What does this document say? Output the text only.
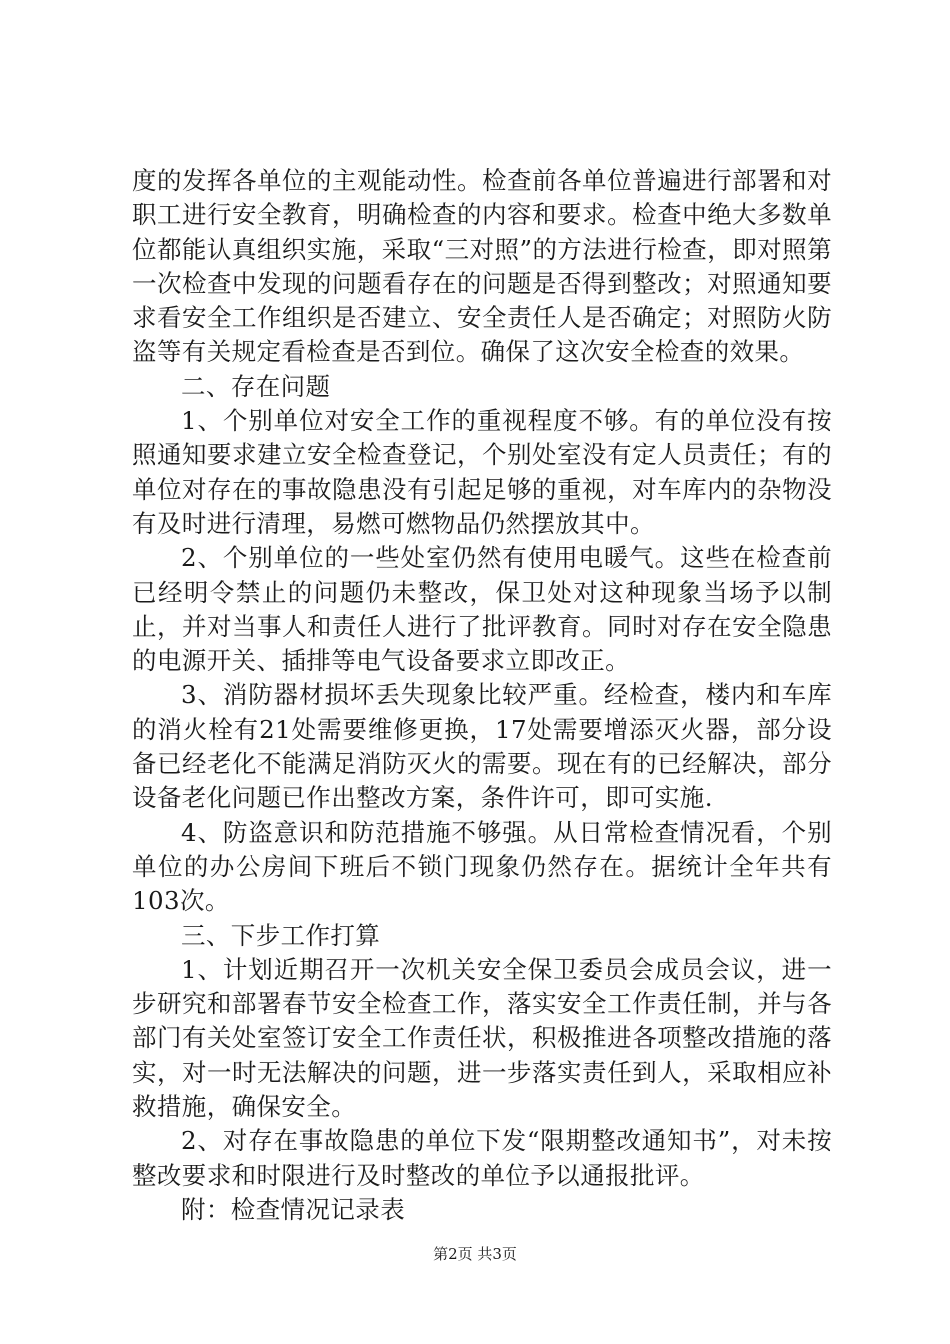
度的发挥各单位的主观能动性。检查前各单位普遍进行部署和对职工进行安全教育，明确检查的内容和要求。检查中绝大多数单位都能认真组织实施，采取“三对照”的方法进行检查，即对照第一次检查中发现的问题看存在的问题是否得到整改；对照通知要求看安全工作组织是否建立、安全责任人是否确定；对照防火防盗等有关规定看检查是否到位。确保了这次安全检查的效果。

二、存在问题

1、个别单位对安全工作的重视程度不够。有的单位没有按照通知要求建立安全检查登记，个别处室没有定人员责任；有的单位对存在的事故隐患没有引起足够的重视，对车库内的杂物没有及时进行清理，易燃可燃物品仍然摆放其中。

2、个别单位的一些处室仍然有使用电暖气。这些在检查前已经明令禁止的问题仍未整改，保卫处对这种现象当场予以制止，并对当事人和责任人进行了批评教育。同时对存在安全隐患的电源开关、插排等电气设备要求立即改正。

3、消防器材损坏丢失现象比较严重。经检查，楼内和车库的消火栓有21处需要维修更换，17处需要增添灭火器，部分设备已经老化不能满足消防灭火的需要。现在有的已经解决，部分设备老化问题已作出整改方案，条件许可，即可实施.

4、防盗意识和防范措施不够强。从日常检查情况看，个别单位的办公房间下班后不锁门现象仍然存在。据统计全年共有103次。

三、下步工作打算

1、计划近期召开一次机关安全保卫委员会成员会议，进一步研究和部署春节安全检查工作，落实安全工作责任制，并与各部门有关处室签订安全工作责任状，积极推进各项整改措施的落实，对一时无法解决的问题，进一步落实责任到人，采取相应补救措施，确保安全。

2、对存在事故隐患的单位下发“限期整改通知书”，对未按整改要求和时限进行及时整改的单位予以通报批评。

附：检查情况记录表

第2页 共3页
